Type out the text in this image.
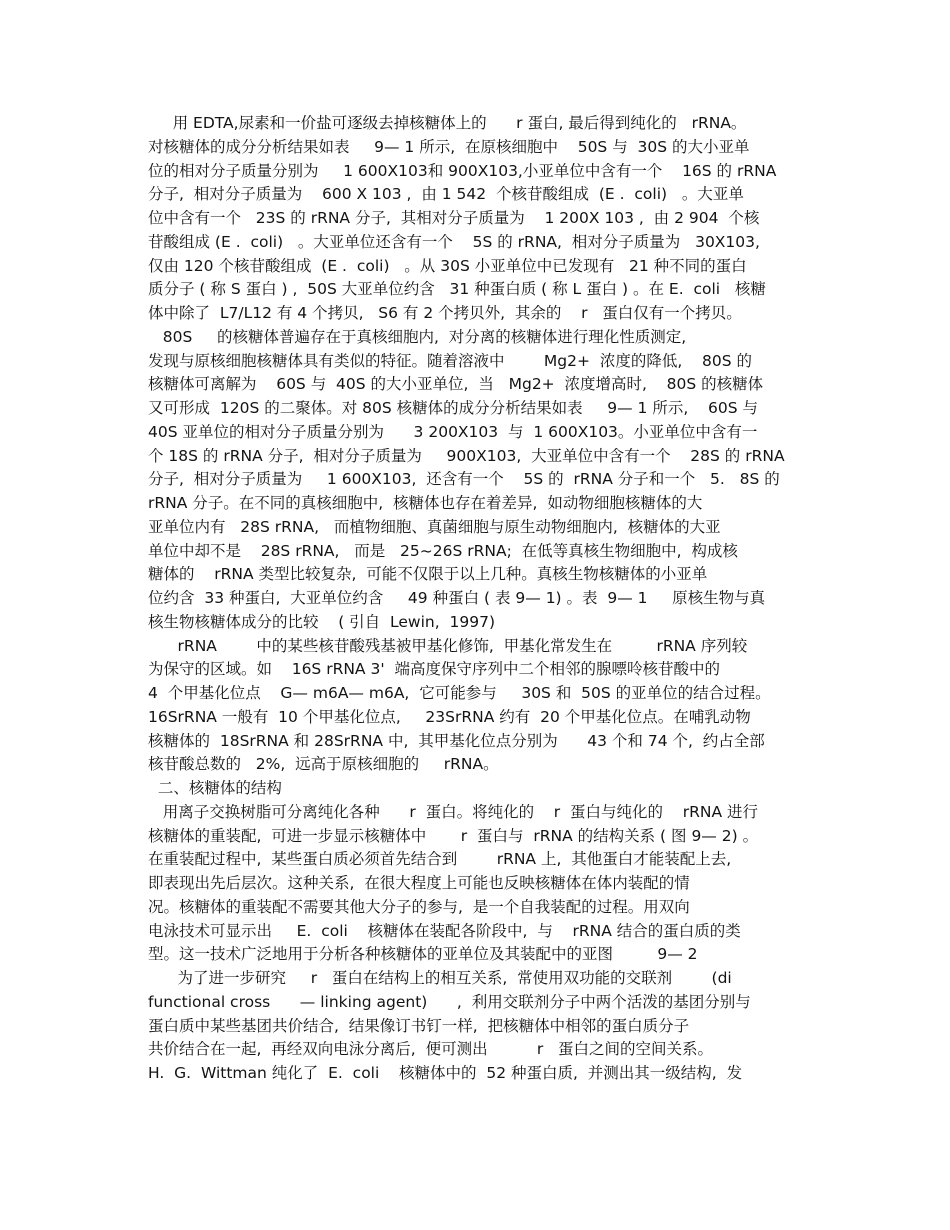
用 EDTA,尿素和一价盐可逐级去掉核糖体上的      r 蛋白, 最后得到纯化的   rRNA。
对核糖体的成分分析结果如表     9— 1 所示,  在原核细胞中    50S 与  30S 的大小亚单
位的相对分子质量分别为     1 600X103和 900X103,小亚单位中含有一个    16S 的 rRNA
分子,  相对分子质量为    600 X 103 ,  由 1 542  个核苷酸组成  (E .  coli)   。大亚单
位中含有一个   23S 的 rRNA 分子,  其相对分子质量为    1 200X 103 ,  由 2 904  个核
苷酸组成 (E .  coli)   。大亚单位还含有一个    5S 的 rRNA,  相对分子质量为   30X103,
仅由 120 个核苷酸组成  (E .  coli)   。从 30S 小亚单位中已发现有   21 种不同的蛋白
质分子 ( 称 S 蛋白 ) ,  50S 大亚单位约含   31 种蛋白质 ( 称 L 蛋白 ) 。在 E.  coli   核糖
体中除了  L7/L12 有 4 个拷贝,   S6 有 2 个拷贝外,  其余的    r   蛋白仅有一个拷贝。
80S     的核糖体普遍存在于真核细胞内,  对分离的核糖体进行理化性质测定,
发现与原核细胞核糖体具有类似的特征。随着溶液中        Mg2+  浓度的降低,    80S 的
核糖体可离解为    60S 与  40S 的大小亚单位,  当   Mg2+  浓度增高时,    80S 的核糖体
又可形成  120S 的二聚体。对 80S 核糖体的成分分析结果如表     9— 1 所示,    60S 与
40S 亚单位的相对分子质量分别为      3 200X103  与  1 600X103。小亚单位中含有一
个 18S 的 rRNA 分子,  相对分子质量为     900X103,  大亚单位中含有一个    28S 的 rRNA
分子,  相对分子质量为     1 600X103,  还含有一个    5S 的  rRNA 分子和一个   5.   8S 的
rRNA 分子。在不同的真核细胞中,  核糖体也存在着差异,  如动物细胞核糖体的大
亚单位内有   28S rRNA,   而植物细胞、真菌细胞与原生动物细胞内,  核糖体的大亚
单位中却不是    28S rRNA,   而是   25~26S rRNA;  在低等真核生物细胞中,  构成核
糖体的    rRNA 类型比较复杂,  可能不仅限于以上几种。真核生物核糖体的小亚单
位约含  33 种蛋白,  大亚单位约含     49 种蛋白 ( 表 9— 1) 。表  9— 1     原核生物与真
核生物核糖体成分的比较    ( 引自  Lewin,  1997)
rRNA        中的某些核苷酸残基被甲基化修饰,  甲基化常发生在         rRNA 序列较
为保守的区域。如    16S rRNA 3'  端高度保守序列中二个相邻的腺嘌呤核苷酸中的
4  个甲基化位点    G— m6A— m6A,  它可能参与     30S 和  50S 的亚单位的结合过程。
16SrRNA 一般有  10 个甲基化位点,     23SrRNA 约有  20 个甲基化位点。在哺乳动物
核糖体的  18SrRNA 和 28SrRNA 中,  其甲基化位点分别为      43 个和 74 个,  约占全部
核苷酸总数的   2%,  远高于原核细胞的     rRNA。
二、核糖体的结构
用离子交换树脂可分离纯化各种      r  蛋白。将纯化的    r  蛋白与纯化的    rRNA 进行
核糖体的重装配,  可进一步显示核糖体中       r  蛋白与  rRNA 的结构关系 ( 图 9— 2) 。
在重装配过程中,  某些蛋白质必须首先结合到        rRNA 上,  其他蛋白才能装配上去,
即表现出先后层次。这种关系,  在很大程度上可能也反映核糖体在体内装配的情
况。核糖体的重装配不需要其他大分子的参与,  是一个自我装配的过程。用双向
电泳技术可显示出     E.  coli    核糖体在装配各阶段中,  与    rRNA 结合的蛋白质的类
型。这一技术广泛地用于分析各种核糖体的亚单位及其装配中的亚图         9— 2
为了进一步研究     r   蛋白在结构上的相互关系,  常使用双功能的交联剂        (di
functional cross      — linking agent)      ,  利用交联剂分子中两个活泼的基团分别与
蛋白质中某些基团共价结合,  结果像订书钉一样,  把核糖体中相邻的蛋白质分子
共价结合在一起,  再经双向电泳分离后,  便可测出          r   蛋白之间的空间关系。
H.  G.  Wittman 纯化了  E.  coli    核糖体中的  52 种蛋白质,  并测出其一级结构,  发
